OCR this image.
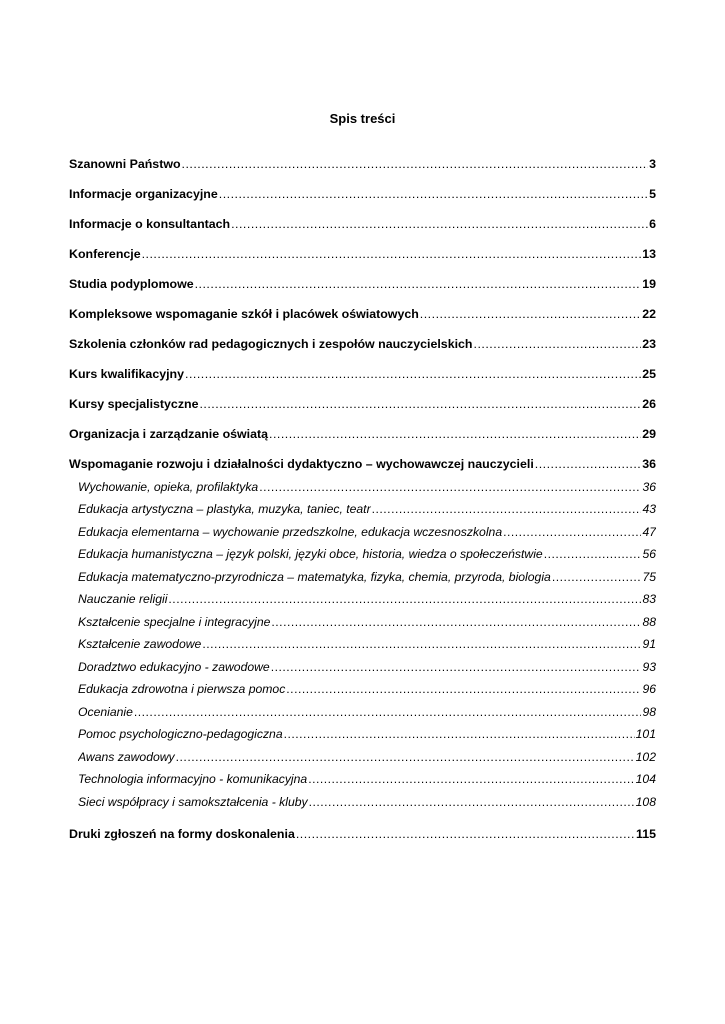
Spis treści
Szanowni Państwo .....	3
Informacje organizacyjne .....	5
Informacje o konsultantach .....	6
Konferencje .....	13
Studia podyplomowe .....	19
Kompleksowe wspomaganie szkół i placówek oświatowych .....	22
Szkolenia członków rad pedagogicznych i zespołów nauczycielskich .....	23
Kurs kwalifikacyjny .....	25
Kursy specjalistyczne .....	26
Organizacja i zarządzanie oświatą .....	29
Wspomaganie rozwoju i działalności dydaktyczno – wychowawczej nauczycieli .....	36
Wychowanie, opieka, profilaktyka .....	36
Edukacja artystyczna – plastyka, muzyka, taniec, teatr .....	43
Edukacja elementarna – wychowanie przedszkolne, edukacja wczesnoszkolna .....	47
Edukacja humanistyczna – język polski, języki obce, historia, wiedza o społeczeństwie .....	56
Edukacja matematyczno-przyrodnicza – matematyka, fizyka, chemia, przyroda, biologia .....	75
Nauczanie religii .....	83
Kształcenie specjalne i integracyjne .....	88
Kształcenie zawodowe .....	91
Doradztwo edukacyjno - zawodowe .....	93
Edukacja zdrowotna i pierwsza pomoc .....	96
Ocenianie .....	98
Pomoc psychologiczno-pedagogiczna .....	101
Awans zawodowy .....	102
Technologia informacyjno - komunikacyjna .....	104
Sieci współpracy i samokształcenia - kluby .....	108
Druki zgłoszeń na formy doskonalenia .....	115
